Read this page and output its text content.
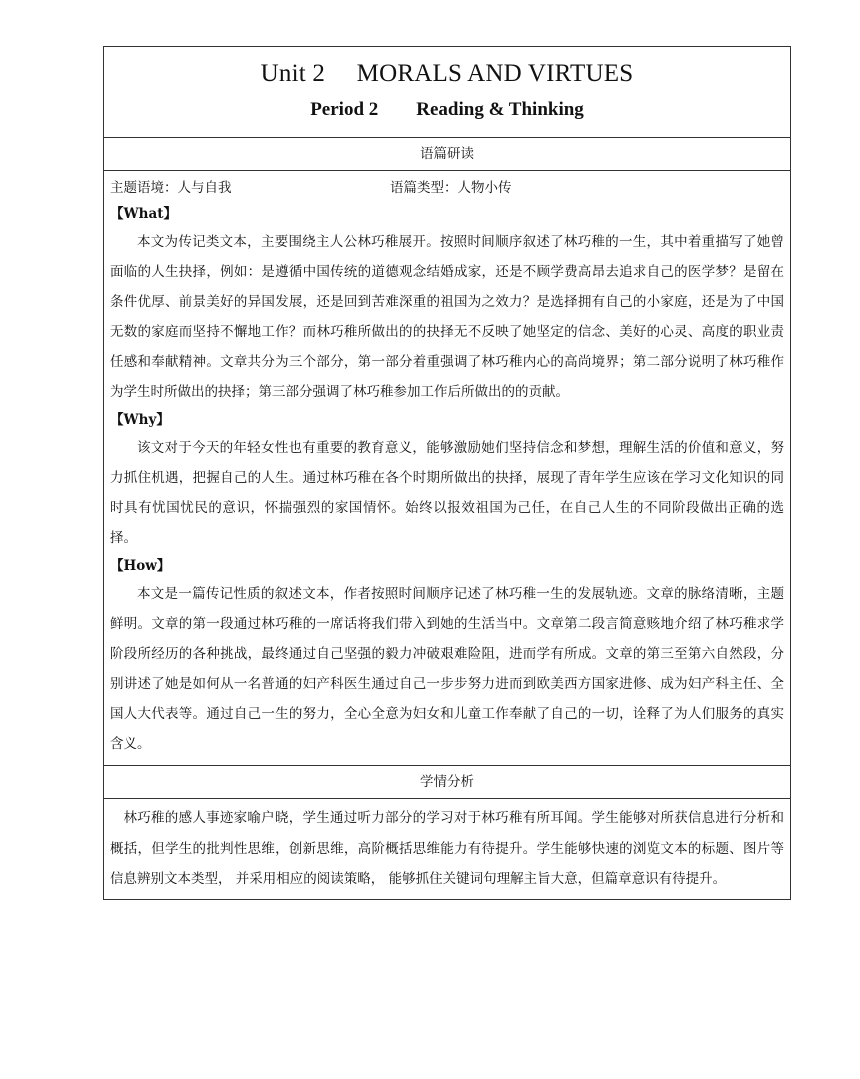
Unit 2　 MORALS AND VIRTUES
Period 2　　Reading & Thinking

语篇研读

主题语境：人与自我	语篇类型：人物小传
【What】

本文为传记类文本，主要围绕主人公林巧稚展开。按照时间顺序叙述了林巧稚的一生，其中着重描写了她曾面临的人生抉择，例如：是遵循中国传统的道德观念结婚成家，还是不顾学费高昂去追求自己的医学梦？是留在条件优厚、前景美好的异国发展，还是回到苦难深重的祖国为之效力？是选择拥有自己的小家庭，还是为了中国无数的家庭而坚持不懈地工作？而林巧稚所做出的的抉择无不反映了她坚定的信念、美好的心灵、高度的职业责任感和奉献精神。文章共分为三个部分，第一部分着重强调了林巧稚内心的高尚境界；第二部分说明了林巧稚作为学生时所做出的抉择；第三部分强调了林巧稚参加工作后所做出的的贡献。

【Why】

该文对于今天的年轻女性也有重要的教育意义，能够激励她们坚持信念和梦想，理解生活的价值和意义，努力抓住机遇，把握自己的人生。通过林巧稚在各个时期所做出的抉择，展现了青年学生应该在学习文化知识的同时具有忧国忧民的意识，怀揣强烈的家国情怀。始终以报效祖国为己任，在自己人生的不同阶段做出正确的选择。

【How】

本文是一篇传记性质的叙述文本，作者按照时间顺序记述了林巧稚一生的发展轨迹。文章的脉络清晰，主题鲜明。文章的第一段通过林巧稚的一席话将我们带入到她的生活当中。文章第二段言简意赅地介绍了林巧稚求学阶段所经历的各种挑战，最终通过自己坚强的毅力冲破艰难险阻，进而学有所成。文章的第三至第六自然段，分别讲述了她是如何从一名普通的妇产科医生通过自己一步步努力进而到欧美西方国家进修、成为妇产科主任、全国人大代表等。通过自己一生的努力，全心全意为妇女和儿童工作奉献了自己的一切，诠释了为人们服务的真实含义。

学情分析

林巧稚的感人事迹家喻户晓，学生通过听力部分的学习对于林巧稚有所耳闻。学生能够对所获信息进行分析和概括，但学生的批判性思维，创新思维，高阶概括思维能力有待提升。学生能够快速的浏览文本的标题、图片等信息辨别文本类型， 并采用相应的阅读策略， 能够抓住关键词句理解主旨大意，但篇章意识有待提升。
